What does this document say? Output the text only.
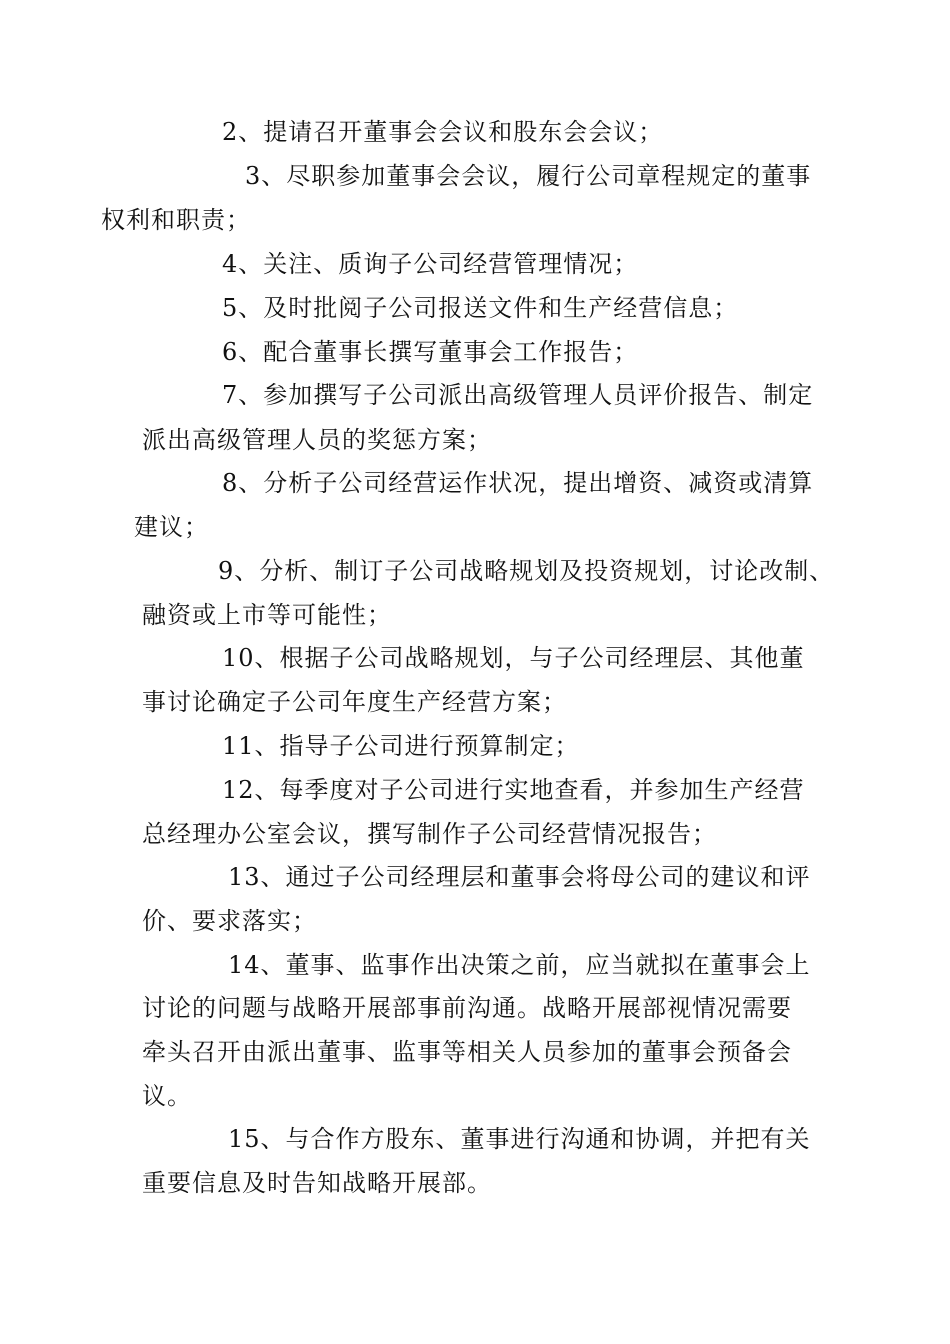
2、提请召开董事会会议和股东会会议；
3、尽职参加董事会会议，履行公司章程规定的董事
权利和职责；
4、关注、质询子公司经营管理情况；
5、及时批阅子公司报送文件和生产经营信息；
6、配合董事长撰写董事会工作报告；
7、参加撰写子公司派出高级管理人员评价报告、制定
派出高级管理人员的奖惩方案；
8、分析子公司经营运作状况，提出增资、减资或清算
建议；
9、分析、制订子公司战略规划及投资规划，讨论改制、
融资或上市等可能性；
10、根据子公司战略规划，与子公司经理层、其他董
事讨论确定子公司年度生产经营方案；
11、指导子公司进行预算制定；
12、每季度对子公司进行实地查看，并参加生产经营
总经理办公室会议，撰写制作子公司经营情况报告；
13、通过子公司经理层和董事会将母公司的建议和评
价、要求落实；
14、董事、监事作出决策之前，应当就拟在董事会上
讨论的问题与战略开展部事前沟通。战略开展部视情况需要
牵头召开由派出董事、监事等相关人员参加的董事会预备会
议。
15、与合作方股东、董事进行沟通和协调，并把有关
重要信息及时告知战略开展部。
